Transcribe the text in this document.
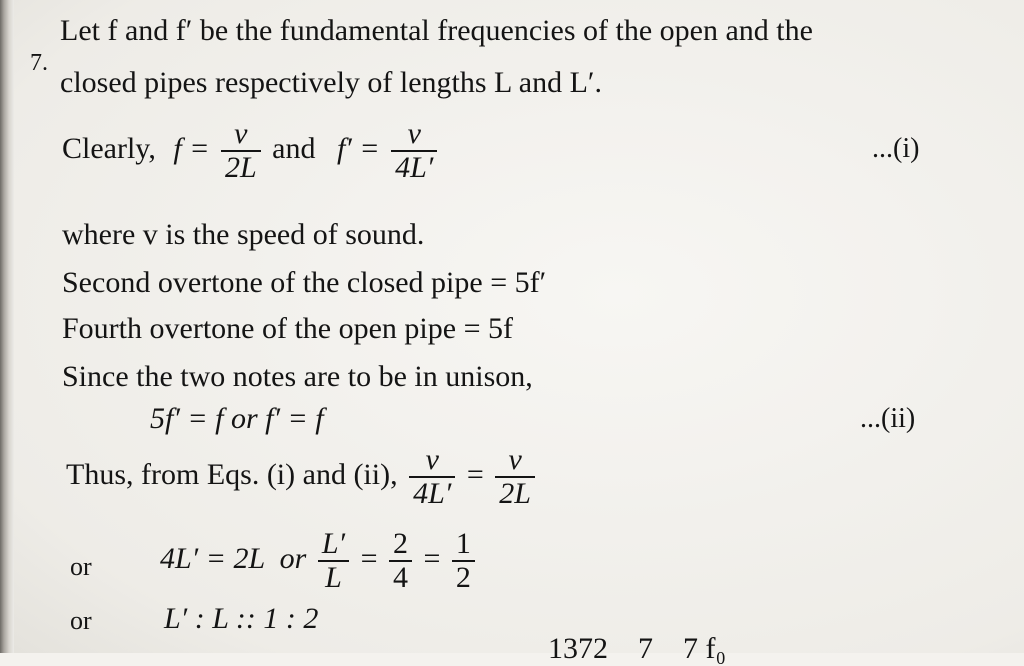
7.
Let f and f′ be the fundamental frequencies of the open and the
closed pipes respectively of lengths L and L′.
Clearly, $f = \frac{v}{2L}$ and $f' = \frac{v}{4L'}$	...(i)
where v is the speed of sound.
Second overtone of the closed pipe = 5f′
Fourth overtone of the open pipe = 5f
Since the two notes are to be in unison,
5f′ = f or f′ = f	...(ii)
Thus, from Eqs. (i) and (ii), $\frac{v}{4L'} = \frac{v}{2L}$
or 4L′ = 2L  or $\frac{L'}{L} = \frac{2}{4} = \frac{1}{2}$
or L′ : L :: 1 : 2
1372    7    7 f₀
